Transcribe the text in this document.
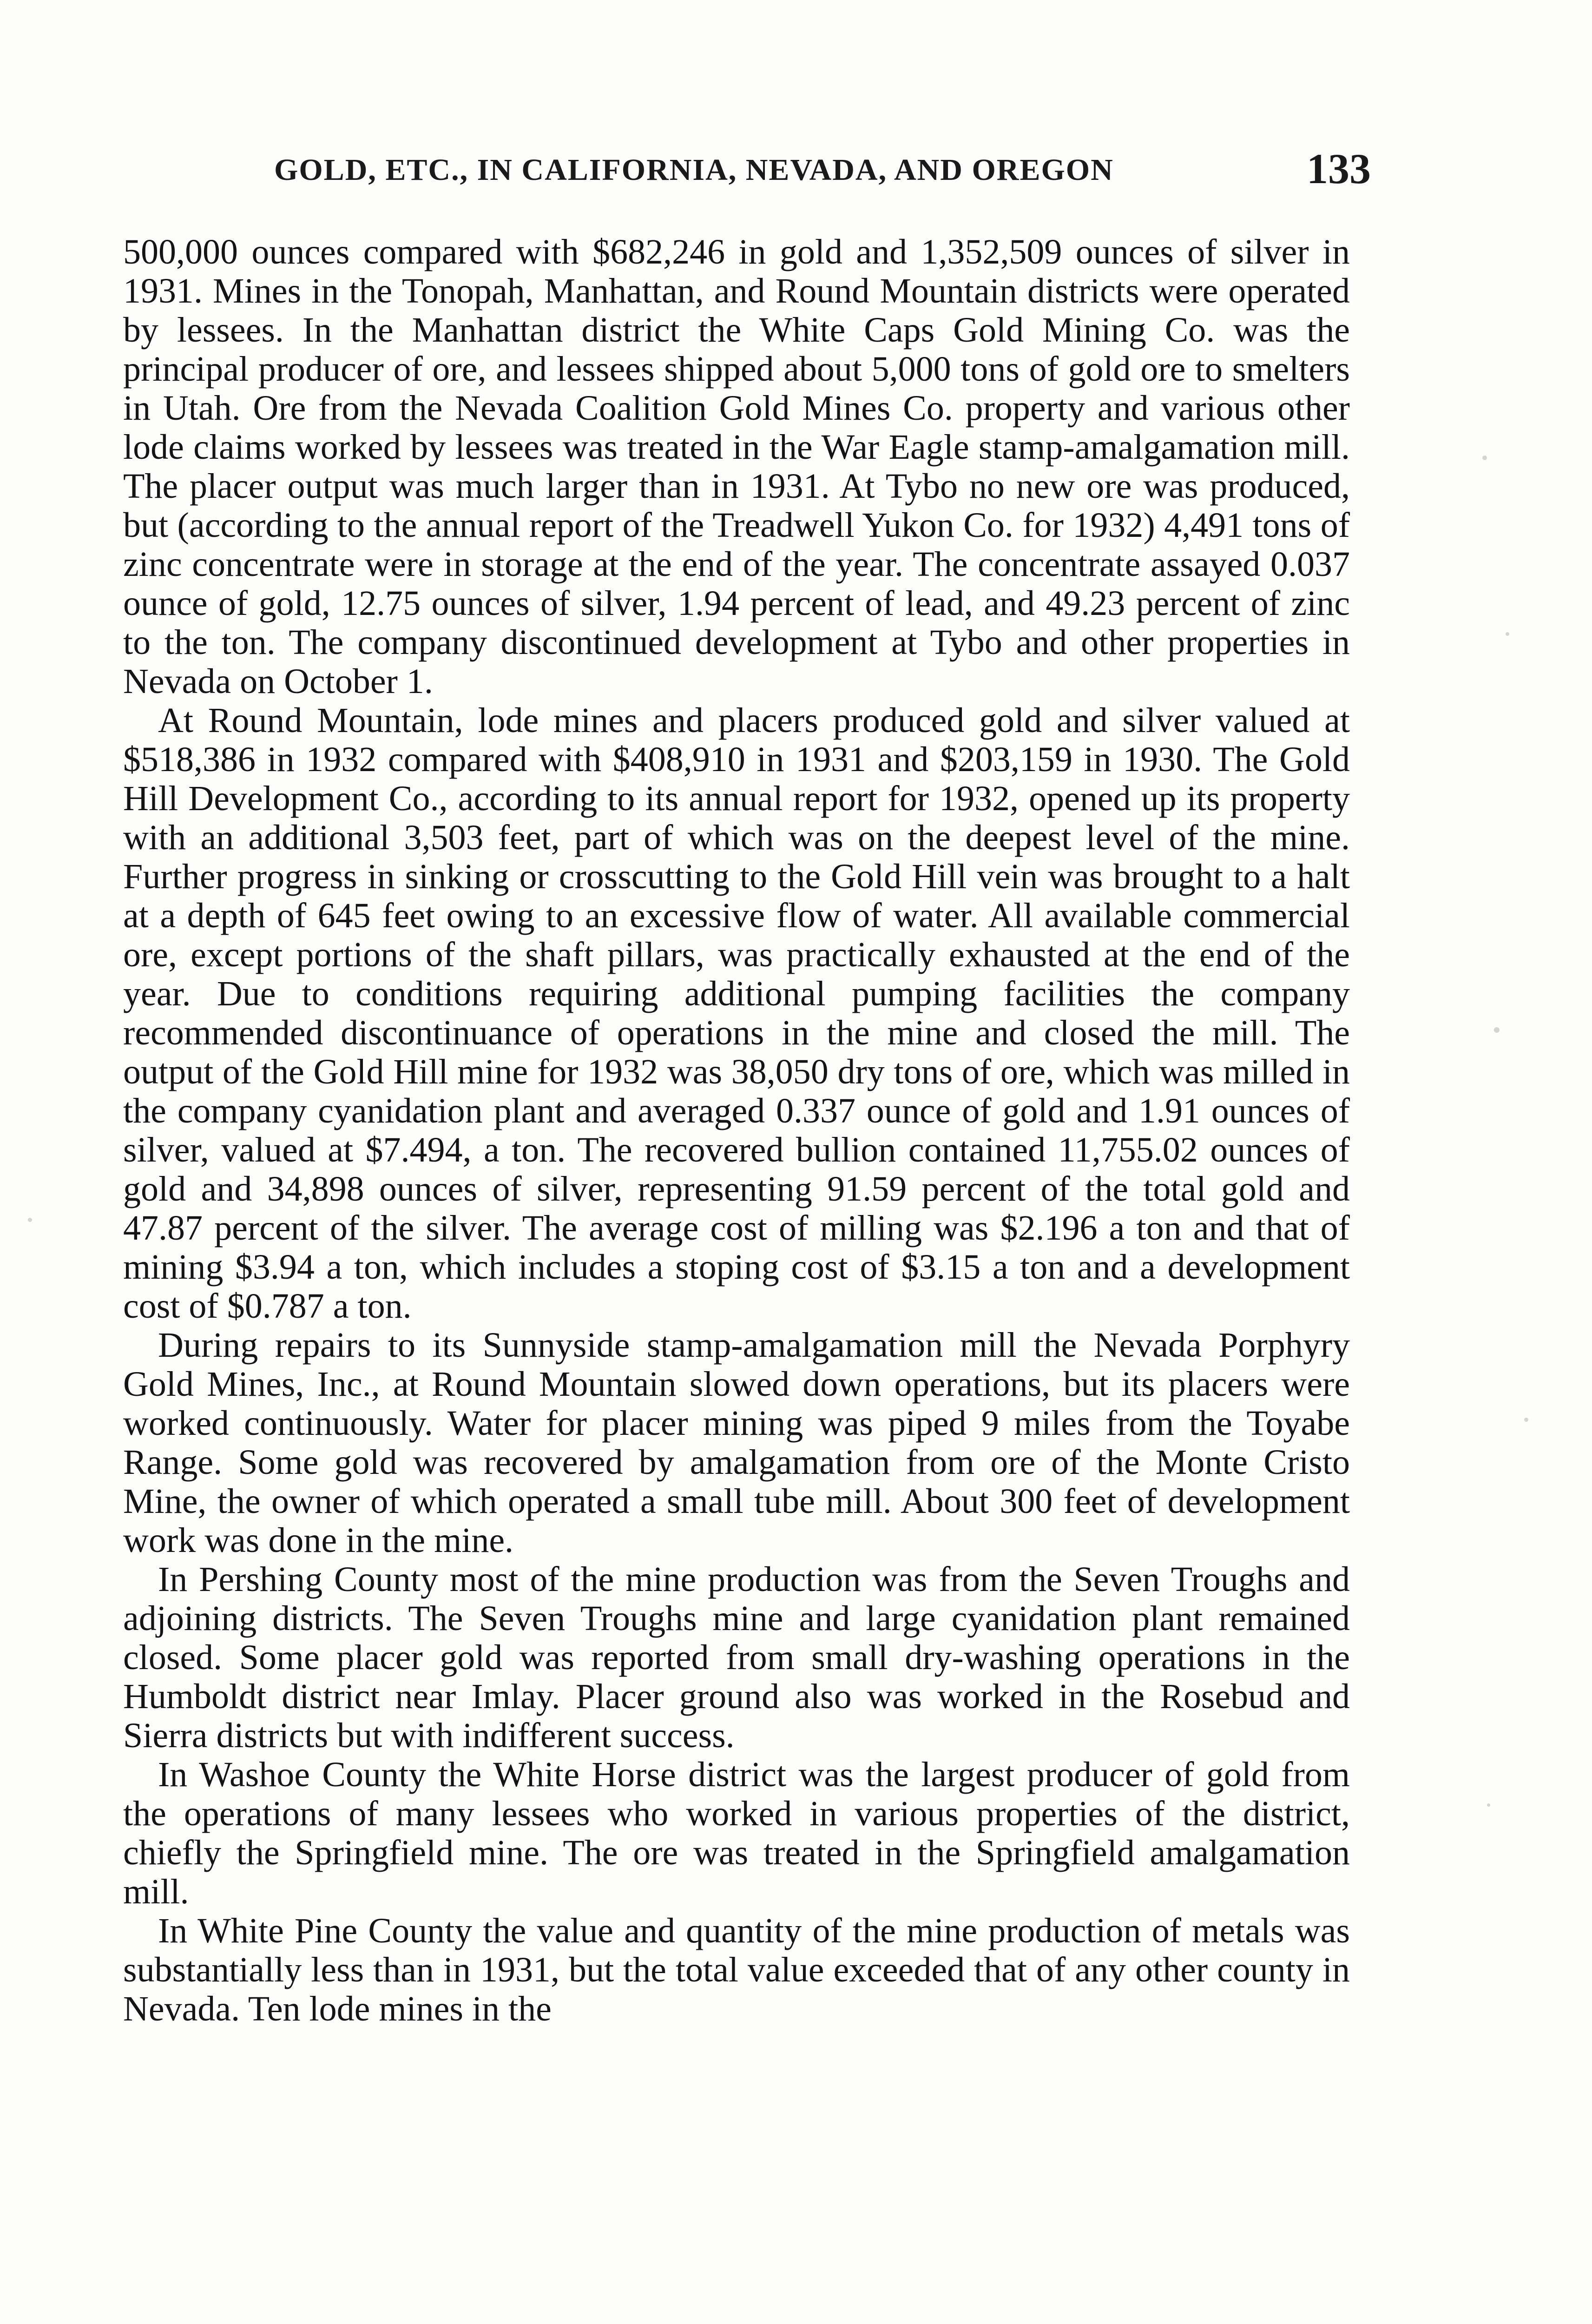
GOLD, ETC., IN CALIFORNIA, NEVADA, AND OREGON	133

500,000 ounces compared with $682,246 in gold and 1,352,509 ounces of silver in 1931. Mines in the Tonopah, Manhattan, and Round Mountain districts were operated by lessees. In the Manhattan district the White Caps Gold Mining Co. was the principal producer of ore, and lessees shipped about 5,000 tons of gold ore to smelters in Utah. Ore from the Nevada Coalition Gold Mines Co. property and various other lode claims worked by lessees was treated in the War Eagle stamp-amalgamation mill. The placer output was much larger than in 1931. At Tybo no new ore was produced, but (according to the annual report of the Treadwell Yukon Co. for 1932) 4,491 tons of zinc concentrate were in storage at the end of the year. The concentrate assayed 0.037 ounce of gold, 12.75 ounces of silver, 1.94 percent of lead, and 49.23 percent of zinc to the ton. The company discontinued development at Tybo and other properties in Nevada on October 1.

At Round Mountain, lode mines and placers produced gold and silver valued at $518,386 in 1932 compared with $408,910 in 1931 and $203,159 in 1930. The Gold Hill Development Co., according to its annual report for 1932, opened up its property with an additional 3,503 feet, part of which was on the deepest level of the mine. Further progress in sinking or crosscutting to the Gold Hill vein was brought to a halt at a depth of 645 feet owing to an excessive flow of water. All available commercial ore, except portions of the shaft pillars, was practically exhausted at the end of the year. Due to conditions requiring additional pumping facilities the company recommended discontinuance of operations in the mine and closed the mill. The output of the Gold Hill mine for 1932 was 38,050 dry tons of ore, which was milled in the company cyanidation plant and averaged 0.337 ounce of gold and 1.91 ounces of silver, valued at $7.494, a ton. The recovered bullion contained 11,755.02 ounces of gold and 34,898 ounces of silver, representing 91.59 percent of the total gold and 47.87 percent of the silver. The average cost of milling was $2.196 a ton and that of mining $3.94 a ton, which includes a stoping cost of $3.15 a ton and a development cost of $0.787 a ton.

During repairs to its Sunnyside stamp-amalgamation mill the Nevada Porphyry Gold Mines, Inc., at Round Mountain slowed down operations, but its placers were worked continuously. Water for placer mining was piped 9 miles from the Toyabe Range. Some gold was recovered by amalgamation from ore of the Monte Cristo Mine, the owner of which operated a small tube mill. About 300 feet of development work was done in the mine.

In Pershing County most of the mine production was from the Seven Troughs and adjoining districts. The Seven Troughs mine and large cyanidation plant remained closed. Some placer gold was reported from small dry-washing operations in the Humboldt district near Imlay. Placer ground also was worked in the Rosebud and Sierra districts but with indifferent success.

In Washoe County the White Horse district was the largest producer of gold from the operations of many lessees who worked in various properties of the district, chiefly the Springfield mine. The ore was treated in the Springfield amalgamation mill.

In White Pine County the value and quantity of the mine production of metals was substantially less than in 1931, but the total value exceeded that of any other county in Nevada. Ten lode mines in the
